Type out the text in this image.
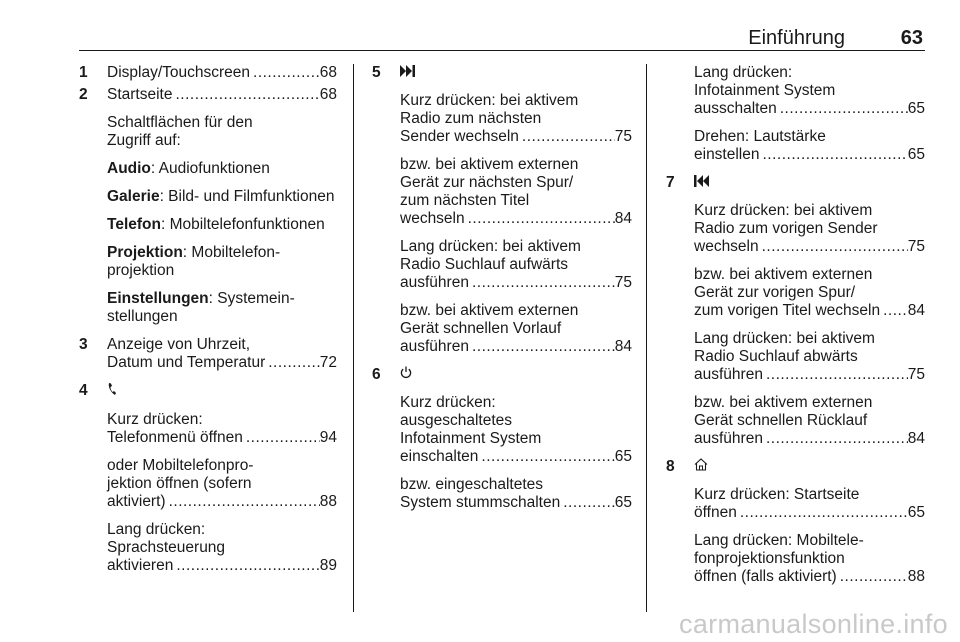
Einführung	63
1 Display/Touchscreen .....	68
2 Startseite .....	68
Schaltflächen für den
Zugriff auf:
Audio: Audiofunktionen
Galerie: Bild- und Filmfunktionen
Telefon: Mobiltelefonfunktionen
Projektion: Mobiltelefon-
projektion
Einstellungen: Systemein-
stellungen
3 Anzeige von Uhrzeit,
Datum und Temperatur .....	72
4
Kurz drücken:
Telefonmenü öffnen .....	94
oder Mobiltelefonpro-
jektion öffnen (sofern
aktiviert) .....	88
Lang drücken:
Sprachsteuerung
aktivieren .....	89
5
Kurz drücken: bei aktivem
Radio zum nächsten
Sender wechseln .....	75
bzw. bei aktivem externen
Gerät zur nächsten Spur/
zum nächsten Titel
wechseln .....	84
Lang drücken: bei aktivem
Radio Suchlauf aufwärts
ausführen .....	75
bzw. bei aktivem externen
Gerät schnellen Vorlauf
ausführen .....	84
6
Kurz drücken:
ausgeschaltetes
Infotainment System
einschalten .....	65
bzw. eingeschaltetes
System stummschalten .....	65
Lang drücken:
Infotainment System
ausschalten .....	65
Drehen: Lautstärke
einstellen .....	65
7
Kurz drücken: bei aktivem
Radio zum vorigen Sender
wechseln .....	75
bzw. bei aktivem externen
Gerät zur vorigen Spur/
zum vorigen Titel wechseln ..... 84
Lang drücken: bei aktivem
Radio Suchlauf abwärts
ausführen .....	75
bzw. bei aktivem externen
Gerät schnellen Rücklauf
ausführen .....	84
8
Kurz drücken: Startseite
öffnen .....	65
Lang drücken: Mobiltele-
fonprojektionsfunktion
öffnen (falls aktiviert) .....	88
carmanualsonline.info
